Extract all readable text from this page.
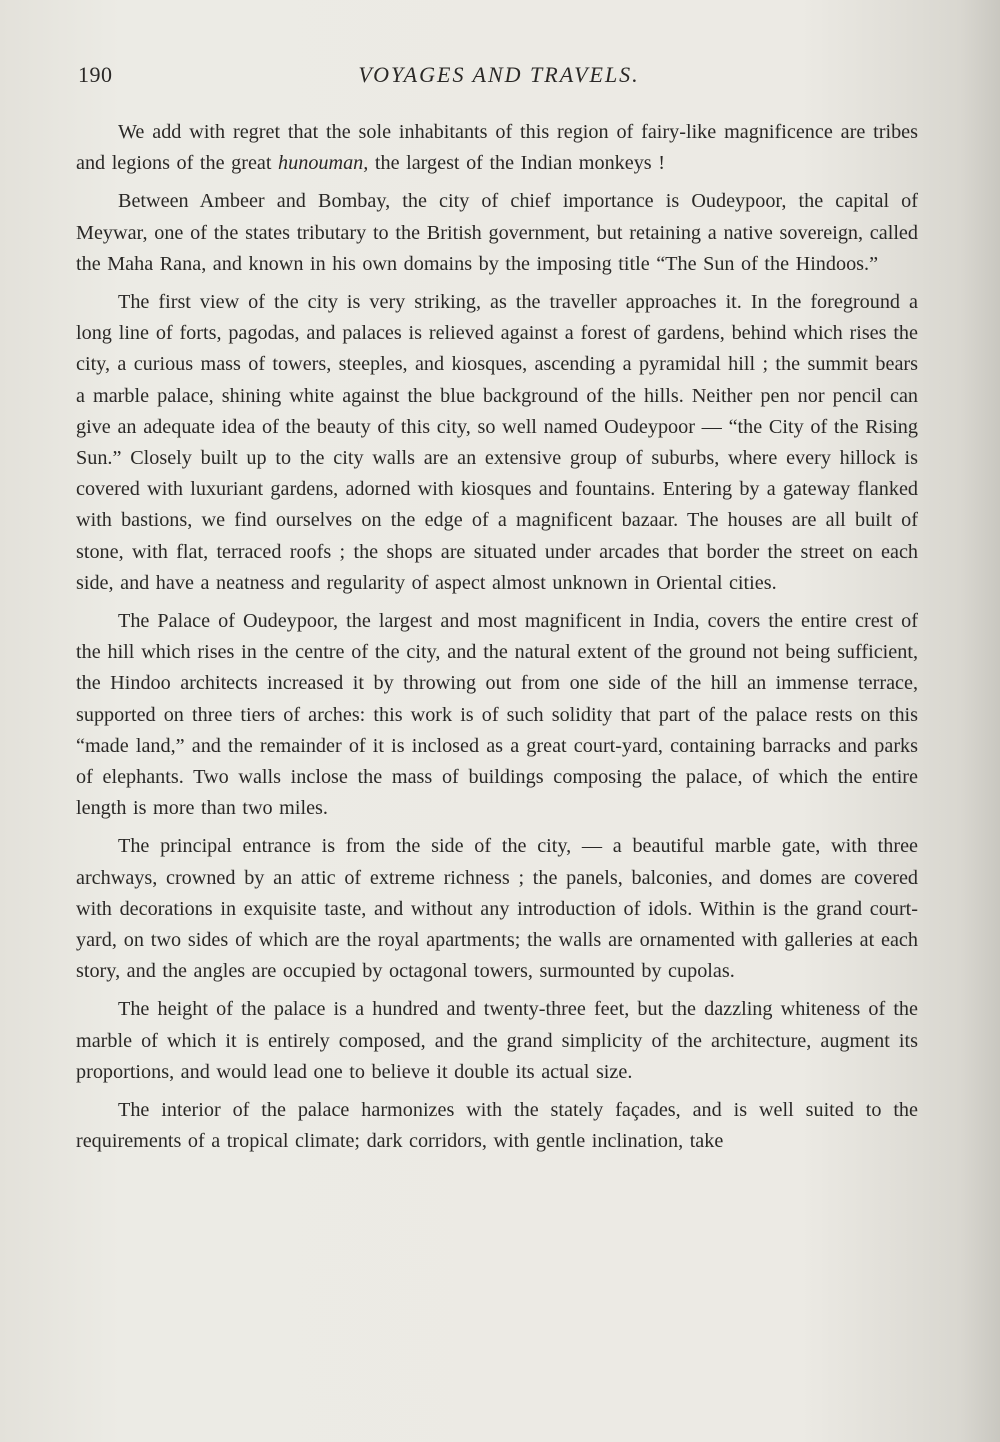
190	VOYAGES AND TRAVELS.

We add with regret that the sole inhabitants of this region of fairy-like magnificence are tribes and legions of the great hunouman, the largest of the Indian monkeys !

Between Ambeer and Bombay, the city of chief importance is Oudeypoor, the capital of Meywar, one of the states tributary to the British government, but retaining a native sovereign, called the Maha Rana, and known in his own domains by the imposing title “The Sun of the Hindoos.”

The first view of the city is very striking, as the traveller approaches it. In the foreground a long line of forts, pagodas, and palaces is relieved against a forest of gardens, behind which rises the city, a curious mass of towers, steeples, and kiosques, ascending a pyramidal hill ; the summit bears a marble palace, shining white against the blue background of the hills. Neither pen nor pencil can give an adequate idea of the beauty of this city, so well named Oudeypoor — “the City of the Rising Sun.” Closely built up to the city walls are an extensive group of suburbs, where every hillock is covered with luxuriant gardens, adorned with kiosques and fountains. Entering by a gateway flanked with bastions, we find ourselves on the edge of a magnificent bazaar. The houses are all built of stone, with flat, terraced roofs ; the shops are situated under arcades that border the street on each side, and have a neatness and regularity of aspect almost unknown in Oriental cities.

The Palace of Oudeypoor, the largest and most magnificent in India, covers the entire crest of the hill which rises in the centre of the city, and the natural extent of the ground not being sufficient, the Hindoo architects increased it by throwing out from one side of the hill an immense terrace, supported on three tiers of arches: this work is of such solidity that part of the palace rests on this “made land,” and the remainder of it is inclosed as a great court-yard, containing barracks and parks of elephants. Two walls inclose the mass of buildings composing the palace, of which the entire length is more than two miles.

The principal entrance is from the side of the city, — a beautiful marble gate, with three archways, crowned by an attic of extreme richness ; the panels, balconies, and domes are covered with decorations in exquisite taste, and without any introduction of idols. Within is the grand court-yard, on two sides of which are the royal apartments; the walls are ornamented with galleries at each story, and the angles are occupied by octagonal towers, surmounted by cupolas.

The height of the palace is a hundred and twenty-three feet, but the dazzling whiteness of the marble of which it is entirely composed, and the grand simplicity of the architecture, augment its proportions, and would lead one to believe it double its actual size.

The interior of the palace harmonizes with the stately façades, and is well suited to the requirements of a tropical climate; dark corridors, with gentle inclination, take
